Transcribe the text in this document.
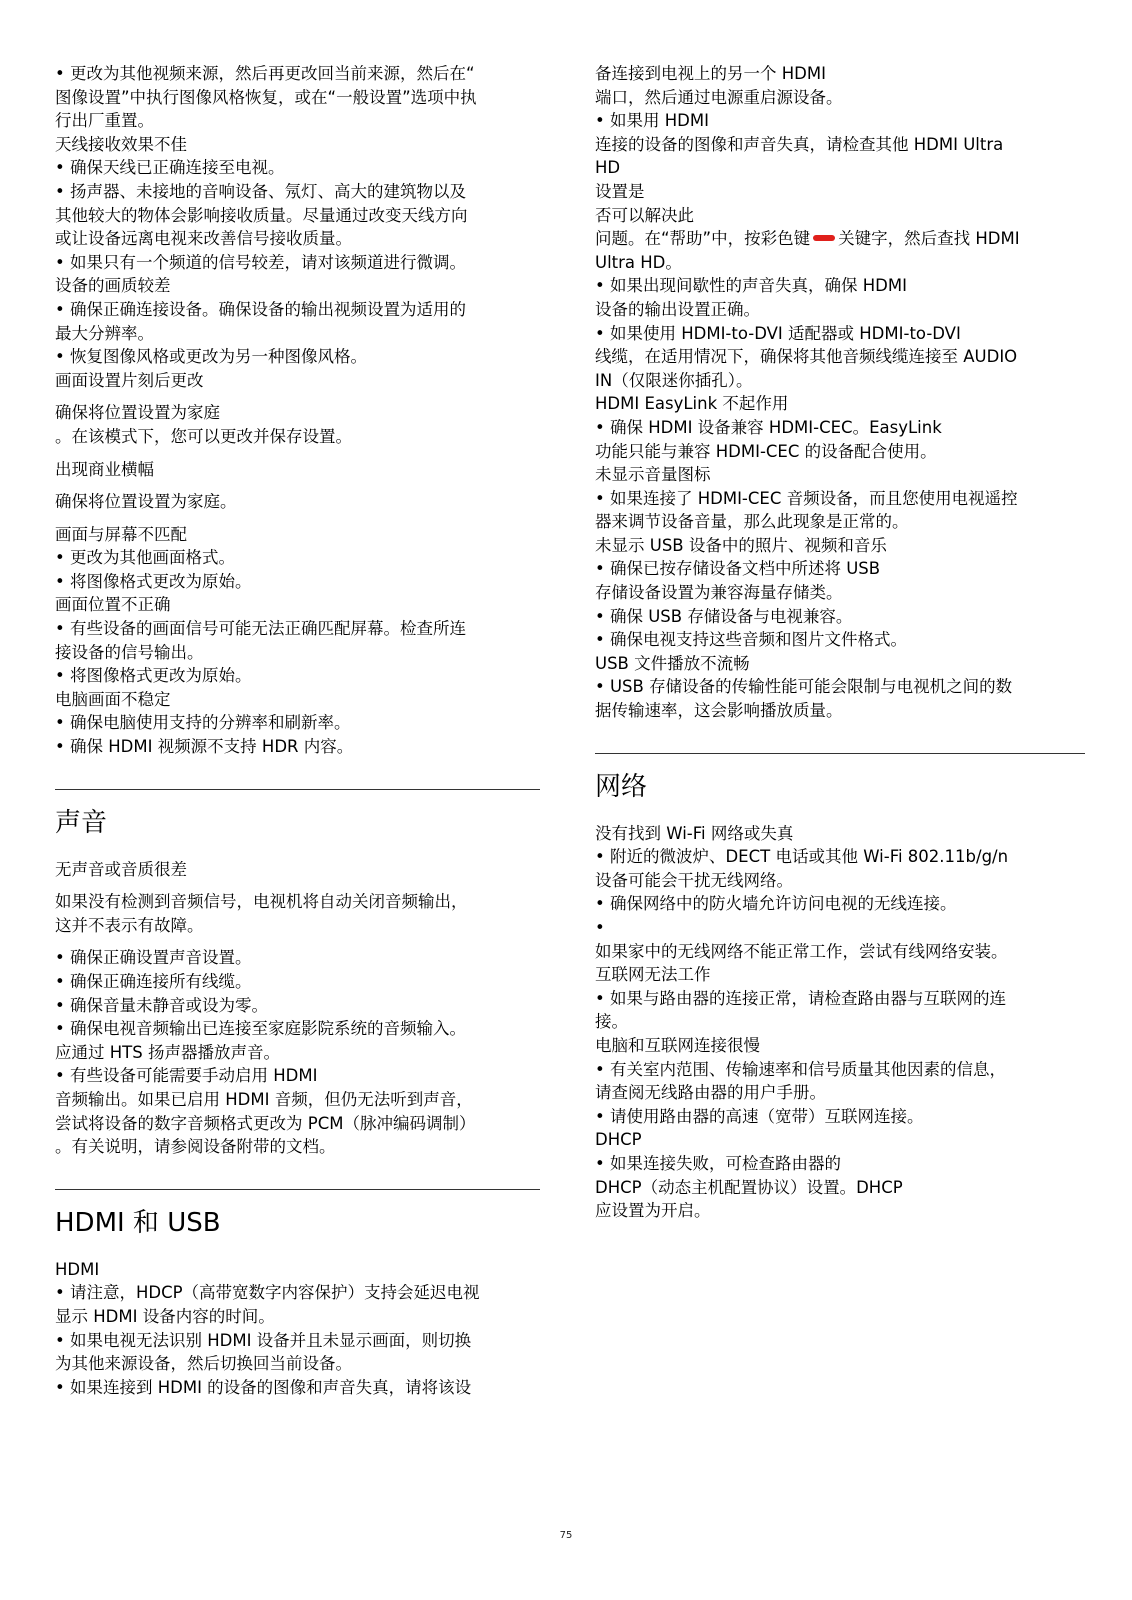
• 更改为其他视频来源，然后再更改回当前来源，然后在“
图像设置”中执行图像风格恢复，或在“一般设置”选项中执
行出厂重置。
天线接收效果不佳
• 确保天线已正确连接至电视。
• 扬声器、未接地的音响设备、氖灯、高大的建筑物以及
其他较大的物体会影响接收质量。尽量通过改变天线方向
或让设备远离电视来改善信号接收质量。
• 如果只有一个频道的信号较差，请对该频道进行微调。
设备的画质较差
• 确保正确连接设备。确保设备的输出视频设置为适用的
最大分辨率。
• 恢复图像风格或更改为另一种图像风格。
画面设置片刻后更改
确保将位置设置为家庭
。在该模式下，您可以更改并保存设置。
出现商业横幅
确保将位置设置为家庭。
画面与屏幕不匹配
• 更改为其他画面格式。
• 将图像格式更改为原始。
画面位置不正确
• 有些设备的画面信号可能无法正确匹配屏幕。检查所连
接设备的信号输出。
• 将图像格式更改为原始。
电脑画面不稳定
• 确保电脑使用支持的分辨率和刷新率。
• 确保 HDMI 视频源不支持 HDR 内容。
声音
无声音或音质很差
如果没有检测到音频信号，电视机将自动关闭音频输出，
这并不表示有故障。
• 确保正确设置声音设置。
• 确保正确连接所有线缆。
• 确保音量未静音或设为零。
• 确保电视音频输出已连接至家庭影院系统的音频输入。
应通过 HTS 扬声器播放声音。
• 有些设备可能需要手动启用 HDMI
音频输出。如果已启用 HDMI 音频，但仍无法听到声音，
尝试将设备的数字音频格式更改为 PCM（脉冲编码调制）
。有关说明，请参阅设备附带的文档。
HDMI 和 USB
HDMI
• 请注意，HDCP（高带宽数字内容保护）支持会延迟电视
显示 HDMI 设备内容的时间。
• 如果电视无法识别 HDMI 设备并且未显示画面，则切换
为其他来源设备，然后切换回当前设备。
• 如果连接到 HDMI 的设备的图像和声音失真，请将该设
备连接到电视上的另一个 HDMI
端口，然后通过电源重启源设备。
• 如果用 HDMI
连接的设备的图像和声音失真，请检查其他 HDMI Ultra
HD
设置是
否可以解决此
问题。在“帮助”中，按彩色键 关键字，然后查找 HDMI
Ultra HD。
• 如果出现间歇性的声音失真，确保 HDMI
设备的输出设置正确。
• 如果使用 HDMI-to-DVI 适配器或 HDMI-to-DVI
线缆，在适用情况下，确保将其他音频线缆连接至 AUDIO
IN（仅限迷你插孔）。
HDMI EasyLink 不起作用
• 确保 HDMI 设备兼容 HDMI-CEC。EasyLink
功能只能与兼容 HDMI-CEC 的设备配合使用。
未显示音量图标
• 如果连接了 HDMI-CEC 音频设备，而且您使用电视遥控
器来调节设备音量，那么此现象是正常的。
未显示 USB 设备中的照片、视频和音乐
• 确保已按存储设备文档中所述将 USB
存储设备设置为兼容海量存储类。
• 确保 USB 存储设备与电视兼容。
• 确保电视支持这些音频和图片文件格式。
USB 文件播放不流畅
• USB 存储设备的传输性能可能会限制与电视机之间的数
据传输速率，这会影响播放质量。
网络
没有找到 Wi-Fi 网络或失真
• 附近的微波炉、DECT 电话或其他 Wi-Fi 802.11b/g/n
设备可能会干扰无线网络。
• 确保网络中的防火墙允许访问电视的无线连接。
•
如果家中的无线网络不能正常工作，尝试有线网络安装。
互联网无法工作
• 如果与路由器的连接正常，请检查路由器与互联网的连
接。
电脑和互联网连接很慢
• 有关室内范围、传输速率和信号质量其他因素的信息，
请查阅无线路由器的用户手册。
• 请使用路由器的高速（宽带）互联网连接。
DHCP
• 如果连接失败，可检查路由器的
DHCP（动态主机配置协议）设置。DHCP
应设置为开启。
75
